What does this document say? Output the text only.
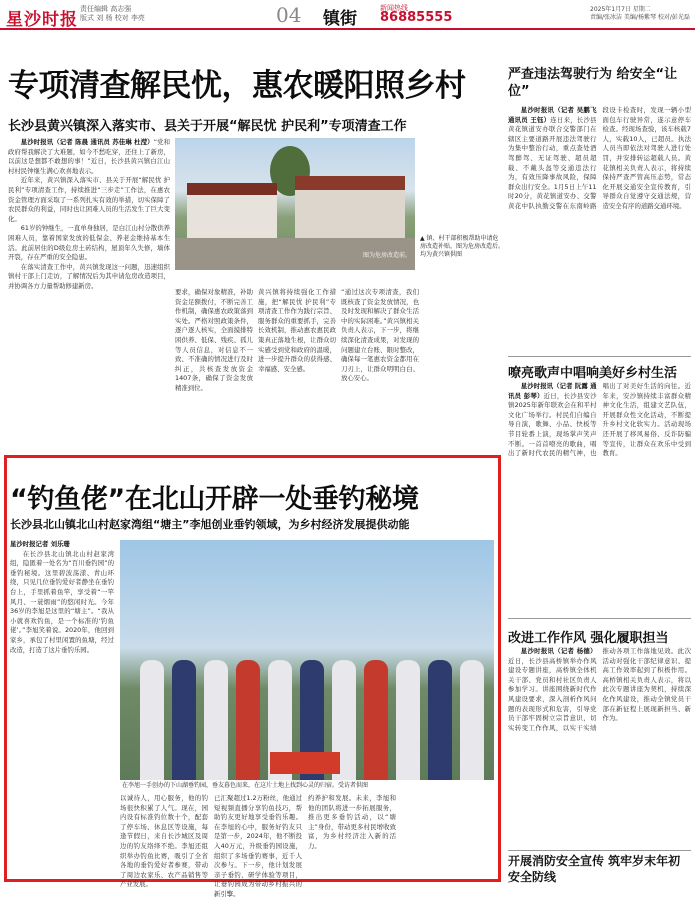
星沙时报
责任编辑 高志强
版式 刘 杨 校对 李亮	04 镇街
新闻热线
86885555
2025年1月7日 星期二
责编/张冰洁 美编/杨紫琴 校对/彭光磊
专项清查解民忧，惠农暖阳照乡村
长沙县黄兴镇深入落实市、县关于开展“解民忧 护民利”专项清查工作

星沙时报讯（记者 陈晨 通讯员 苏佳琳 杜滢）“党和政府帮我解决了大难题，如今不愁吃穿，还住上了新房，以前这是想都不敢想的事！”近日，长沙县黄兴镇白江山村村民钟继生满心欢喜地表示。

近年来，黄兴镇深入落实市、县关于开展“解民忧 护民利”专项清查工作，持续推进“三步走”工作法，在惠农资金管理方面采取了一系列扎实有效的举措，切实保障了农民群众的利益，同时也让困难人员的生活发生了巨大变化。

61岁的钟继生，一直单身独居，是白江山村分散供养困难人员，靠着国家发放的低保金、养老金维持基本生活。此前居住的D级危房土砖结构，屋顶年久失修，墙体开裂，存在严重的安全隐患。

在落实清查工作中，黄兴镇发现这一问题，迅速组织镇村干部上门走访，了解情况后为其申请危房改造项目，并协调各方力量帮助修建新房。

图为危房改造前。
▲ 镇、村干部积极帮助申请危房改造补贴，图为危房改造后。均为黄兴镇供图
要求，确保对象精准，补助资金足额拨付，不断完善工作机制，确保惠农政策落到实处。严格对照政策条件，逐户逐人核实，全面摸排特困供养、低保、残疾、孤儿等人员信息，对信息不一致、不准确的情况进行及时纠正，共核查发放资金1407条，确保了资金发放精准到位。
黄兴镇将持续强化工作措施，把“解民忧 护民利”专项清查工作作为践行宗旨、服务群众的重要抓手，完善长效机制，推动惠农惠民政策真正落地生根，让群众切实感受到党和政府的温暖，进一步提升群众的获得感、幸福感、安全感。
“通过这次专项清查，我们既核查了资金发放情况，也及时发现和解决了群众生活中的实际困难。”黄兴镇相关负责人表示，下一步，将继续深化清查成果，对发现的问题建立台账、限时整改，确保每一笔惠农资金都用在刀刃上，让群众明明白白、放心安心。
严查违法驾驶行为 给安全“让位”

星沙时报讯（记者 吴鹏飞 通讯员 王钰）连日来，长沙县黄花镇道安办联合交警部门在辖区主要道路开展违法驾驶行为集中整治行动，重点查处酒驾醉驾、无证驾驶、超员超载、不戴头盔等交通违法行为，有效压降事故风险，保障群众出行安全。1月5日上午11时20分，黄花镇道安办、交警黄花中队执勤交警在东南岭路段设卡检查时，发现一辆小型面包车行驶异常，遂示意停车检查。经现场查验，该车核载7人，实载10人，已超员。执法人员当即依法对驾驶人进行处罚，并安排转运超载人员。黄花镇相关负责人表示，将持续保持严查严管高压态势，常态化开展交通安全宣传教育，引导群众自觉遵守交通法规，营造安全有序的道路交通环境。

嘹亮歌声中唱响美好乡村生活

星沙时报讯（记者 阮露 通讯员 彭琴）近日，长沙县安沙镇2025年新年联欢会在和平村文化广场举行。村民们自编自导自演，歌舞、小品、快板等节目轮番上演，现场掌声笑声不断。一首首嘹亮的歌曲，唱出了新时代农民的精气神，也唱出了对美好生活的向往。近年来，安沙镇持续丰富群众精神文化生活，组建文艺队伍，开展群众性文化活动，不断提升乡村文化软实力。活动现场还开展了移风易俗、反诈防骗等宣传，让群众在欢乐中受到教育。

“钓鱼佬”在北山开辟一处垂钓秘境
长沙县北山镇北山村赵家湾组“塘主”李旭创业垂钓领域，为乡村经济发展提供动能

星沙时报记者 刘乐珊

在长沙县北山镇北山村赵家湾组，隐匿着一处名为“百川垂钓园”的垂钓秘境。这里碧波荡漾、青山环绕，只见几位垂钓爱好者静坐在垂钓台上，手里抓着鱼竿，享受着“一竿风月、一蓑烟雨”的悠闲时光。今年36岁的李旭是这里的“塘主”。“我从小就喜欢钓鱼，是一个标准的‘钓鱼佬’。”李旭笑着说。2020年，他回到家乡，承包了村里闲置的鱼塘，经过改造，打造了这片垂钓乐园。

在李旭一手创办的下山湖垂钓园，垂友暮色而来，在这片土地上找到心灵的归宿。受访者供图
以诚待人，用心服务，他的钓场很快积累了人气。现在，园内设有标准钓位数十个，配套了停车场、休息区等设施，每逢节假日，来自长沙城区及周边的钓友络绎不绝。李旭还组织举办钓鱼比赛，吸引了全省各地的垂钓爱好者参赛，带动了周边农家乐、农产品销售等产业发展。
已汇聚超过1.2万粉丝，他通过短视频直播分享钓鱼技巧，帮助钓友更好地享受垂钓乐趣。在李旭的心中，服务好钓友只是第一步，2024年，他不断投入40万元，升级垂钓园设施，组织了多场垂钓赛事，近千人次参与。下一步，他计划发展亲子垂钓、研学体验等项目，让垂钓园成为带动乡村振兴的新引擎。
约养护和发展。未来，李旭和他的团队将进一步拓展服务，推出更多垂钓活动，以“塘主”身份，带动更多村民增收致富，为乡村经济注入新的活力。
改进工作作风 强化履职担当

星沙时报讯（记者 杨德）近日，长沙县高桥镇举办作风建设专题讲座，高桥镇全体机关干部、党员和村社区负责人参加学习。讲座围绕新时代作风建设要求，深入剖析作风问题的表现形式和危害，引导党员干部牢固树立宗旨意识，切实转变工作作风，以实干实绩推动各项工作落地见效。此次活动对强化干部纪律意识、提高工作效率起到了积极作用。高桥镇相关负责人表示，将以此次专题讲座为契机，持续深化作风建设，推动全镇党员干部在新征程上展现新担当、新作为。

开展消防安全宣传 筑牢岁末年初安全防线
